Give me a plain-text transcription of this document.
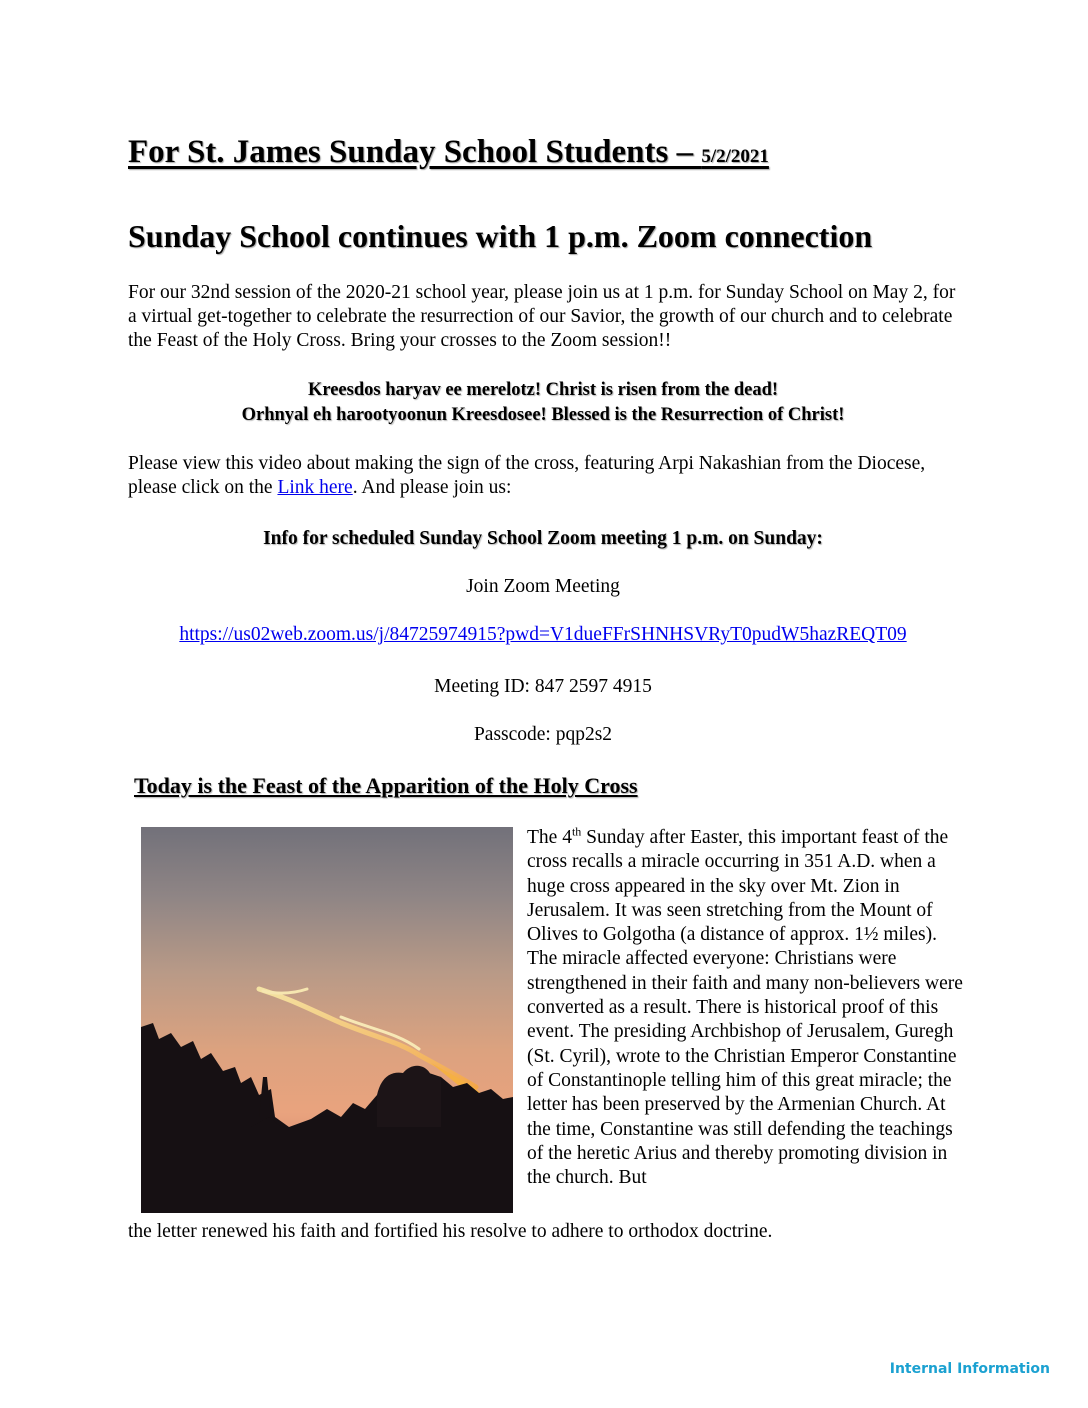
For St. James Sunday School Students – 5/2/2021
Sunday School continues with 1 p.m. Zoom connection

For our 32nd session of the 2020-21 school year, please join us at 1 p.m. for Sunday School on May 2, for a virtual get-together to celebrate the resurrection of our Savior, the growth of our church and to celebrate the Feast of the Holy Cross. Bring your crosses to the Zoom session!!

Kreesdos haryav ee merelotz! Christ is risen from the dead!
Orhnyal eh harootyoonun Kreesdosee! Blessed is the Resurrection of Christ!

Please view this video about making the sign of the cross, featuring Arpi Nakashian from the Diocese, please click on the Link here. And please join us:

Info for scheduled Sunday School Zoom meeting 1 p.m. on Sunday:

Join Zoom Meeting

https://us02web.zoom.us/j/84725974915?pwd=V1dueFFrSHNHSVRyT0pudW5hazREQT09

Meeting ID: 847 2597 4915

Passcode: pqp2s2

Today is the Feast of the Apparition of the Holy Cross

The 4th Sunday after Easter, this important feast of the cross recalls a miracle occurring in 351 A.D. when a huge cross appeared in the sky over Mt. Zion in Jerusalem. It was seen stretching from the Mount of Olives to Golgotha (a distance of approx. 1½ miles). The miracle affected everyone: Christians were strengthened in their faith and many non-believers were converted as a result. There is historical proof of this event. The presiding Archbishop of Jerusalem, Guregh (St. Cyril), wrote to the Christian Emperor Constantine of Constantinople telling him of this great miracle; the letter has been preserved by the Armenian Church. At the time, Constantine was still defending the teachings of the heretic Arius and thereby promoting division in the church. But

the letter renewed his faith and fortified his resolve to adhere to orthodox doctrine.

Internal Information
